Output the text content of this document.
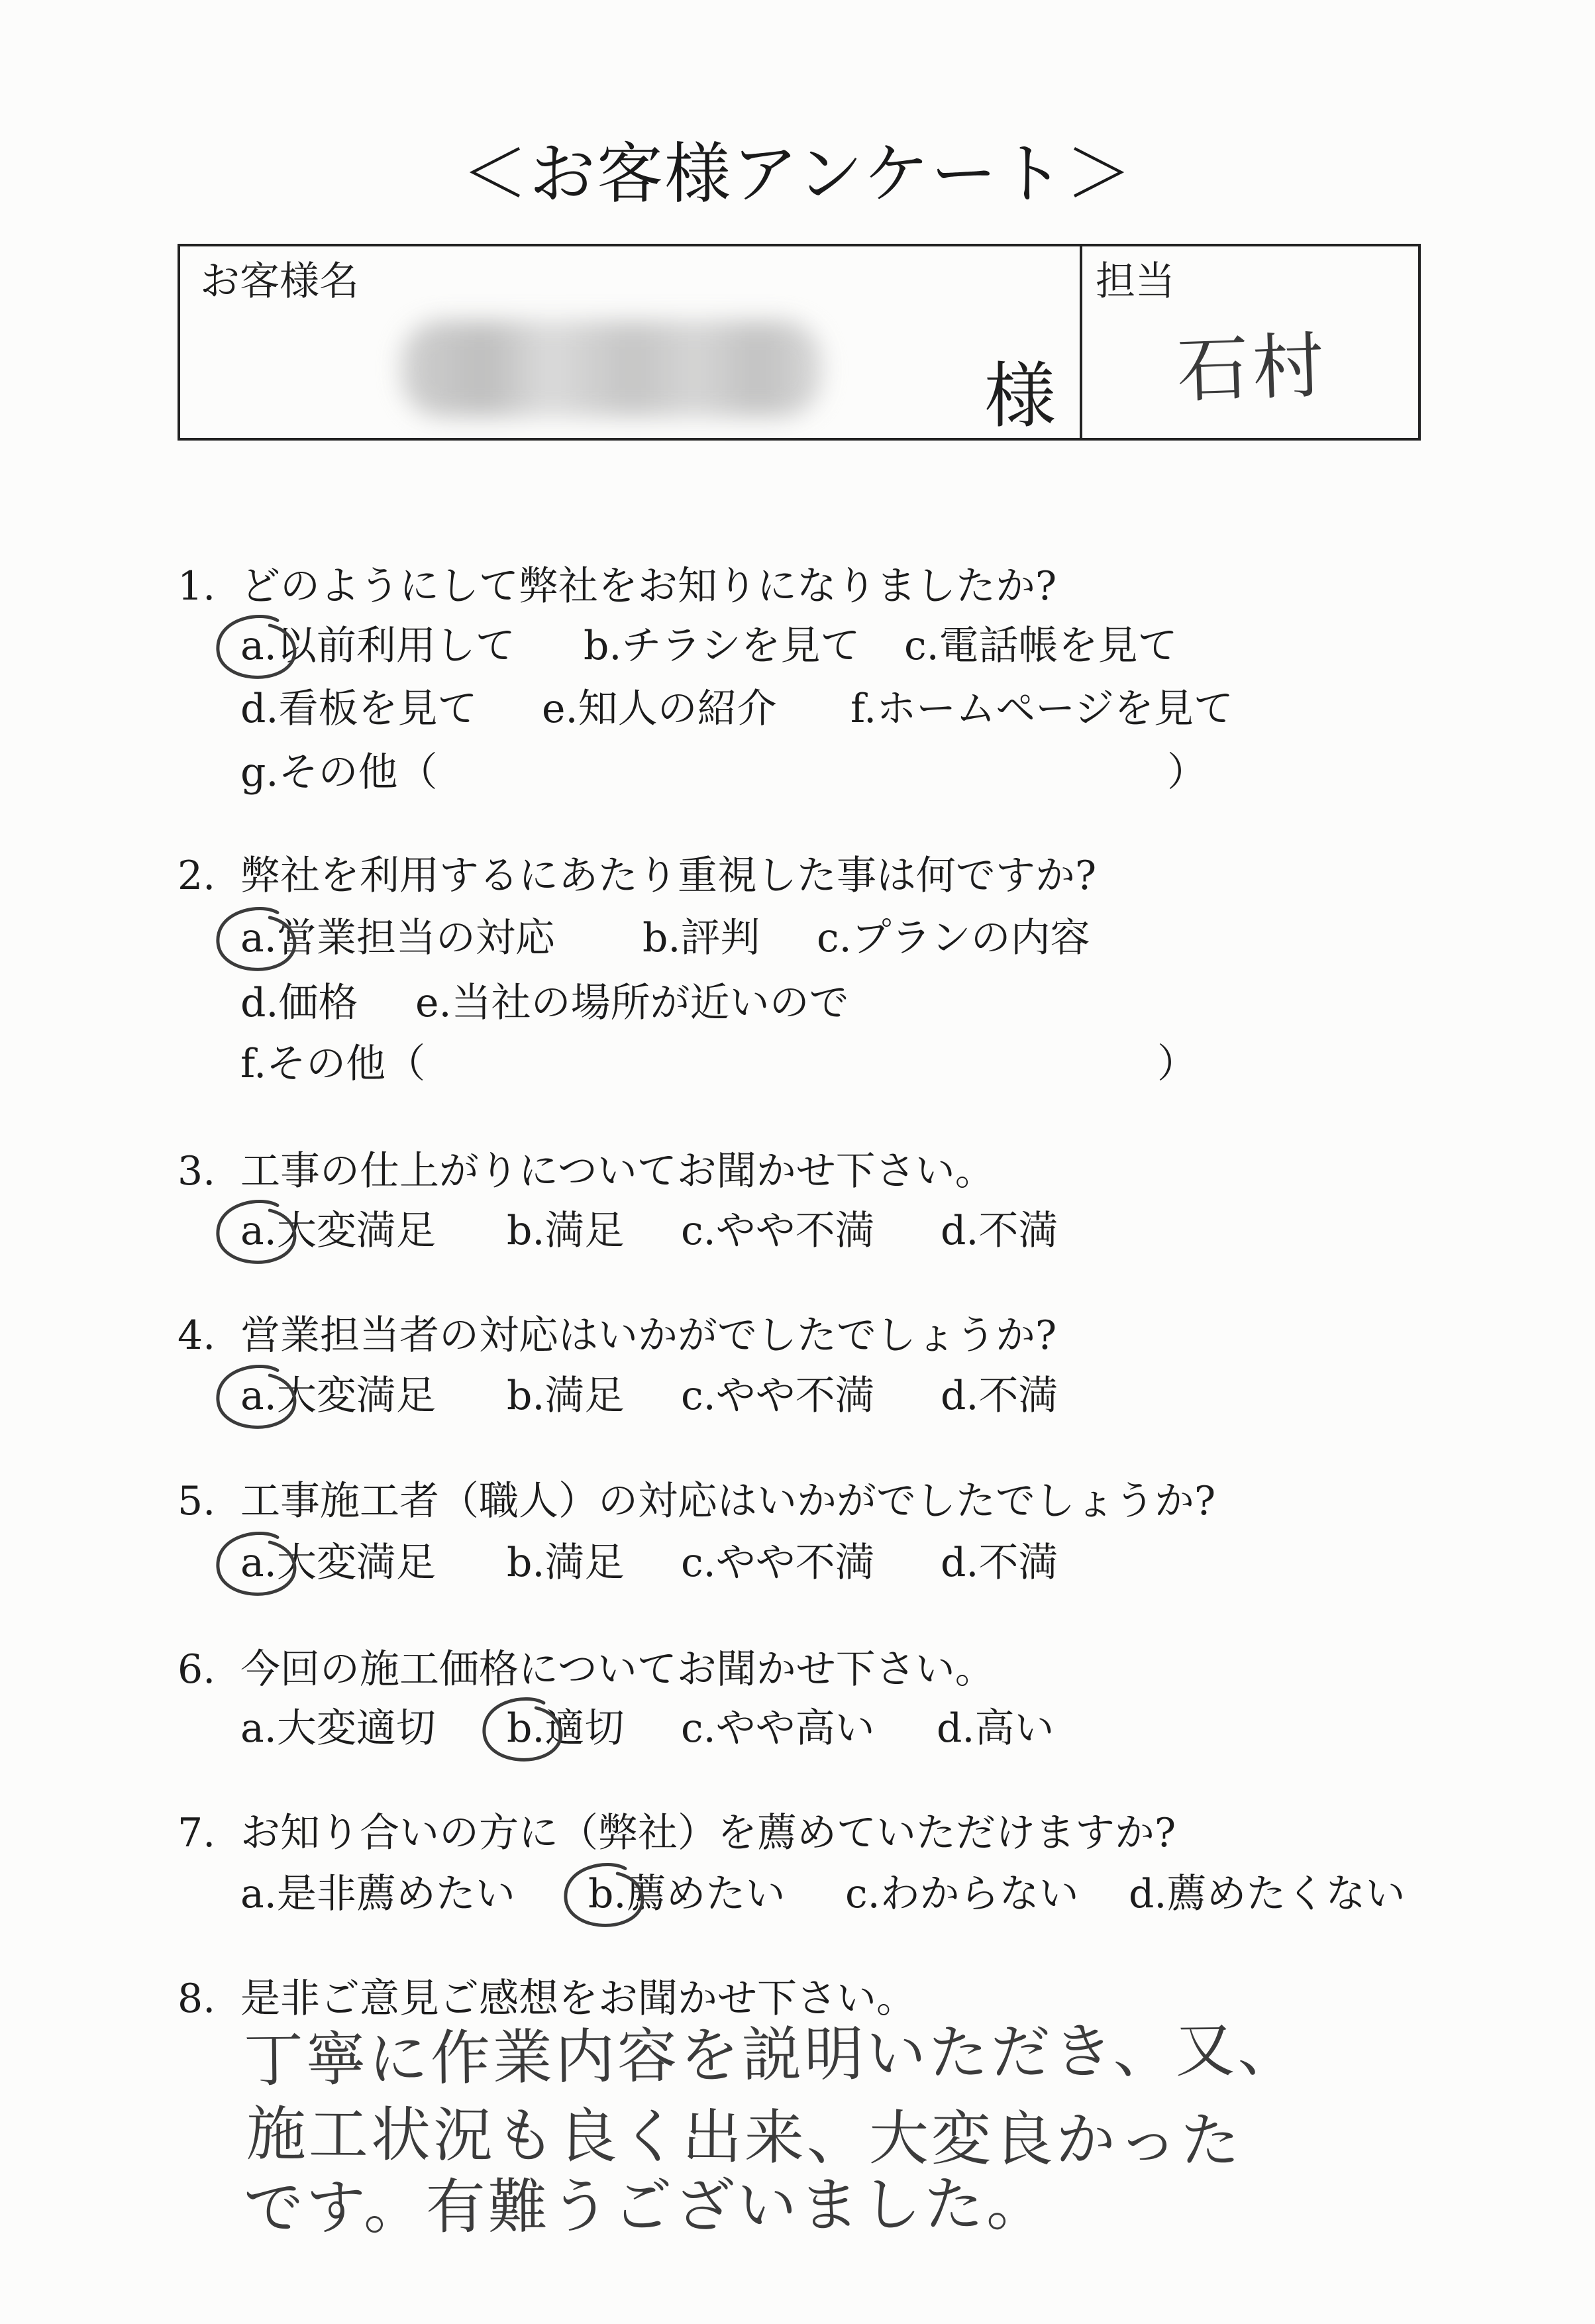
＜お客様アンケート＞
お客様名
様
担当
石村
1. どのようにして弊社をお知りになりましたか?
a.以前利用して b.チラシを見て c.電話帳を見て
d.看板を見て e.知人の紹介 f.ホームページを見て
g.その他（	）
2. 弊社を利用するにあたり重視した事は何ですか?
a.営業担当の対応 b.評判 c.プランの内容
d.価格 e.当社の場所が近いので
f.その他（	）
3. 工事の仕上がりについてお聞かせ下さい。
a.大変満足 b.満足 c.やや不満 d.不満
4. 営業担当者の対応はいかがでしたでしょうか?
a.大変満足 b.満足 c.やや不満 d.不満
5. 工事施工者（職人）の対応はいかがでしたでしょうか?
a.大変満足 b.満足 c.やや不満 d.不満
6. 今回の施工価格についてお聞かせ下さい。
a.大変適切 b.適切 c.やや高い d.高い
7. お知り合いの方に（弊社）を薦めていただけますか?
a.是非薦めたい b.薦めたい c.わからない d.薦めたくない
8. 是非ご意見ご感想をお聞かせ下さい。
丁寧に作業内容を説明いただき、又、
施工状況も良く出来、大変良かった
です。有難うございました。
